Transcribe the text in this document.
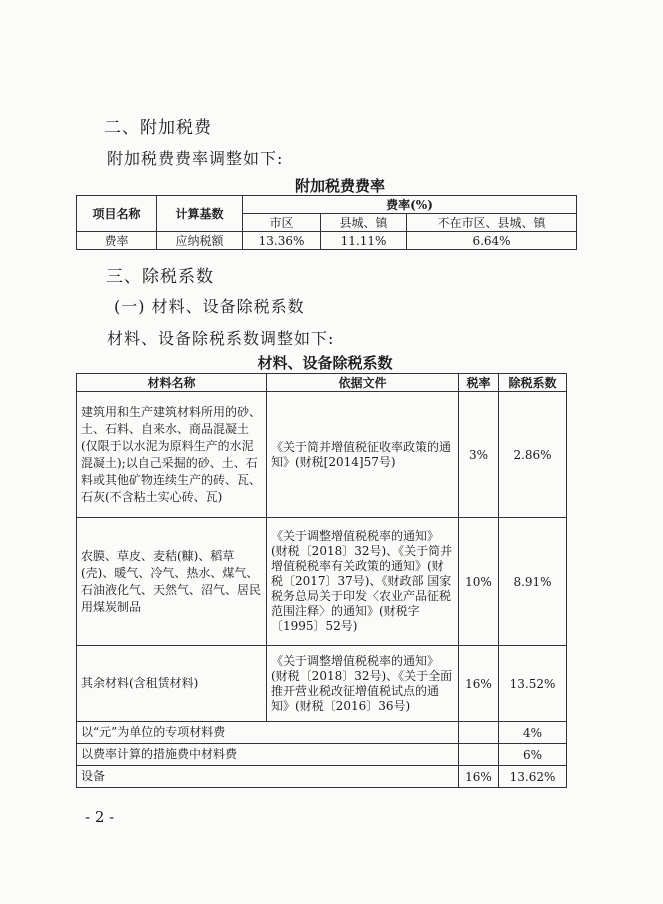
二、附加税费
附加税费费率调整如下:
附加税费费率
项目名称	计算基数	费率(%)		
		市区	县城、镇	不在市区、县城、镇
费率	应纳税额	13.36%	11.11%	6.64%
三、除税系数
(一) 材料、设备除税系数
材料、设备除税系数调整如下:
材料、设备除税系数
材料名称	依据文件	税率	除税系数
建筑用和生产建筑材料所用的砂、土、石料、自来水、商品混凝土(仅限于以水泥为原料生产的水泥混凝土);以自己采掘的砂、土、石料或其他矿物连续生产的砖、瓦、石灰(不含粘土实心砖、瓦)	《关于简并增值税征收率政策的通知》(财税[2014]57号)	3%	2.86%
农膜、草皮、麦秸(糠)、稻草(壳)、暖气、冷气、热水、煤气、石油液化气、天然气、沼气、居民用煤炭制品	《关于调整增值税税率的通知》(财税〔2018〕32号)、《关于简并增值税税率有关政策的通知》(财税〔2017〕37号)、《财政部 国家税务总局关于印发〈农业产品征税范围注释〉的通知》(财税字〔1995〕52号)	10%	8.91%
其余材料(含租赁材料)	《关于调整增值税税率的通知》(财税〔2018〕32号)、《关于全面推开营业税改征增值税试点的通知》(财税〔2016〕36号)	16%	13.52%
以“元”为单位的专项材料费			4%
以费率计算的措施费中材料费			6%
设备		16%	13.62%
- 2 -
